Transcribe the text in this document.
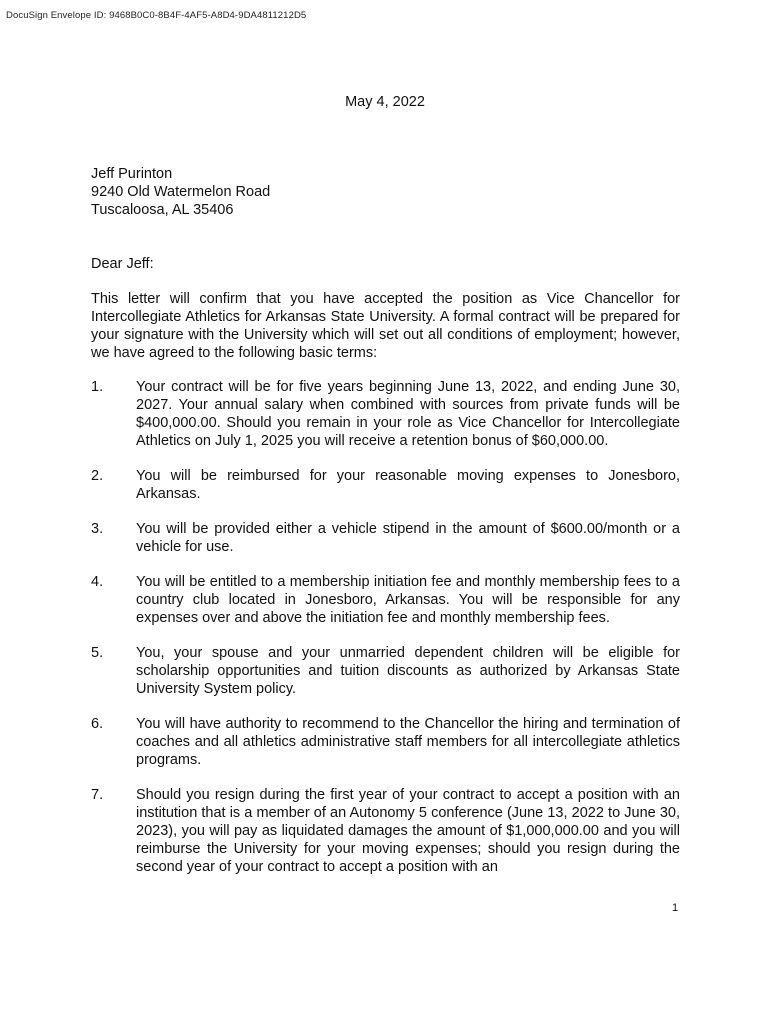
DocuSign Envelope ID: 9468B0C0-8B4F-4AF5-A8D4-9DA4811212D5
May 4, 2022
Jeff Purinton
9240 Old Watermelon Road
Tuscaloosa, AL 35406
Dear Jeff:
This letter will confirm that you have accepted the position as Vice Chancellor for Intercollegiate Athletics for Arkansas State University. A formal contract will be prepared for your signature with the University which will set out all conditions of employment; however, we have agreed to the following basic terms:
1. Your contract will be for five years beginning June 13, 2022, and ending June 30, 2027. Your annual salary when combined with sources from private funds will be $400,000.00. Should you remain in your role as Vice Chancellor for Intercollegiate Athletics on July 1, 2025 you will receive a retention bonus of $60,000.00.
2. You will be reimbursed for your reasonable moving expenses to Jonesboro, Arkansas.
3. You will be provided either a vehicle stipend in the amount of $600.00/month or a vehicle for use.
4. You will be entitled to a membership initiation fee and monthly membership fees to a country club located in Jonesboro, Arkansas. You will be responsible for any expenses over and above the initiation fee and monthly membership fees.
5. You, your spouse and your unmarried dependent children will be eligible for scholarship opportunities and tuition discounts as authorized by Arkansas State University System policy.
6. You will have authority to recommend to the Chancellor the hiring and termination of coaches and all athletics administrative staff members for all intercollegiate athletics programs.
7. Should you resign during the first year of your contract to accept a position with an institution that is a member of an Autonomy 5 conference (June 13, 2022 to June 30, 2023), you will pay as liquidated damages the amount of $1,000,000.00 and you will reimburse the University for your moving expenses; should you resign during the second year of your contract to accept a position with an
1
